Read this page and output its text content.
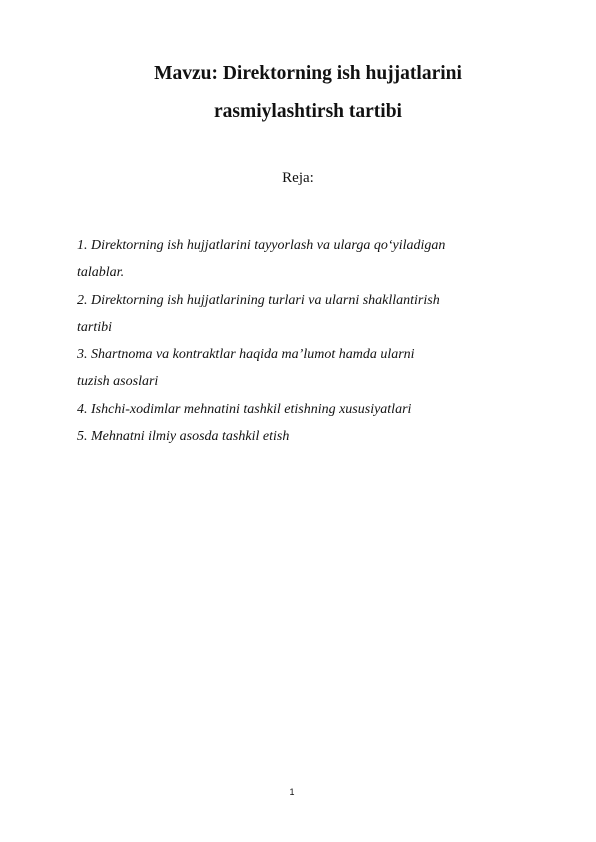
Mavzu: Direktorning ish hujjatlarini
rasmiylashtirsh tartibi

Reja:

1. Direktorning ish hujjatlarini tayyorlash va ularga qo‘yiladigan
talablar.
2. Direktorning ish hujjatlarining turlari va ularni shakllantirish
tartibi
3. Shartnoma va kontraktlar haqida ma’lumot hamda ularni
tuzish asoslari
4. Ishchi-xodimlar mehnatini tashkil etishning xususiyatlari
5. Mehnatni ilmiy asosda tashkil etish
1
